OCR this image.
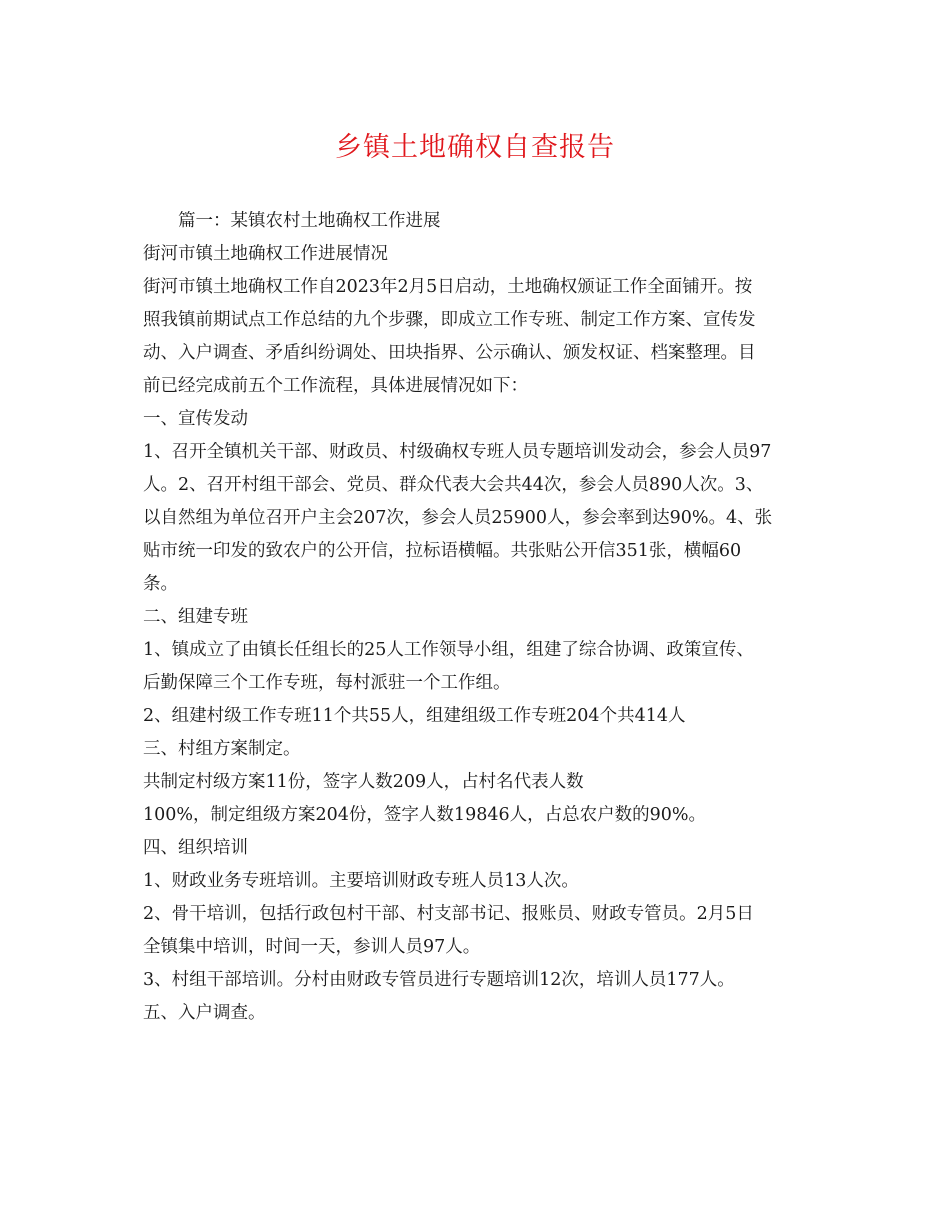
乡镇土地确权自查报告

篇一：某镇农村土地确权工作进展

街河市镇土地确权工作进展情况

街河市镇土地确权工作自2023年2月5日启动，土地确权颁证工作全面铺开。按

照我镇前期试点工作总结的九个步骤，即成立工作专班、制定工作方案、宣传发

动、入户调查、矛盾纠纷调处、田块指界、公示确认、颁发权证、档案整理。目

前已经完成前五个工作流程，具体进展情况如下：

一、宣传发动

1、召开全镇机关干部、财政员、村级确权专班人员专题培训发动会，参会人员97

人。2、召开村组干部会、党员、群众代表大会共44次，参会人员890人次。3、

以自然组为单位召开户主会207次，参会人员25900人，参会率到达90%。4、张

贴市统一印发的致农户的公开信，拉标语横幅。共张贴公开信351张，横幅60

条。

二、组建专班

1、镇成立了由镇长任组长的25人工作领导小组，组建了综合协调、政策宣传、

后勤保障三个工作专班，每村派驻一个工作组。

2、组建村级工作专班11个共55人，组建组级工作专班204个共414人

三、村组方案制定。

共制定村级方案11份，签字人数209人，占村名代表人数

100%，制定组级方案204份，签字人数19846人，占总农户数的90%。

四、组织培训

1、财政业务专班培训。主要培训财政专班人员13人次。

2、骨干培训，包括行政包村干部、村支部书记、报账员、财政专管员。2月5日

全镇集中培训，时间一天，参训人员97人。

3、村组干部培训。分村由财政专管员进行专题培训12次，培训人员177人。

五、入户调查。
